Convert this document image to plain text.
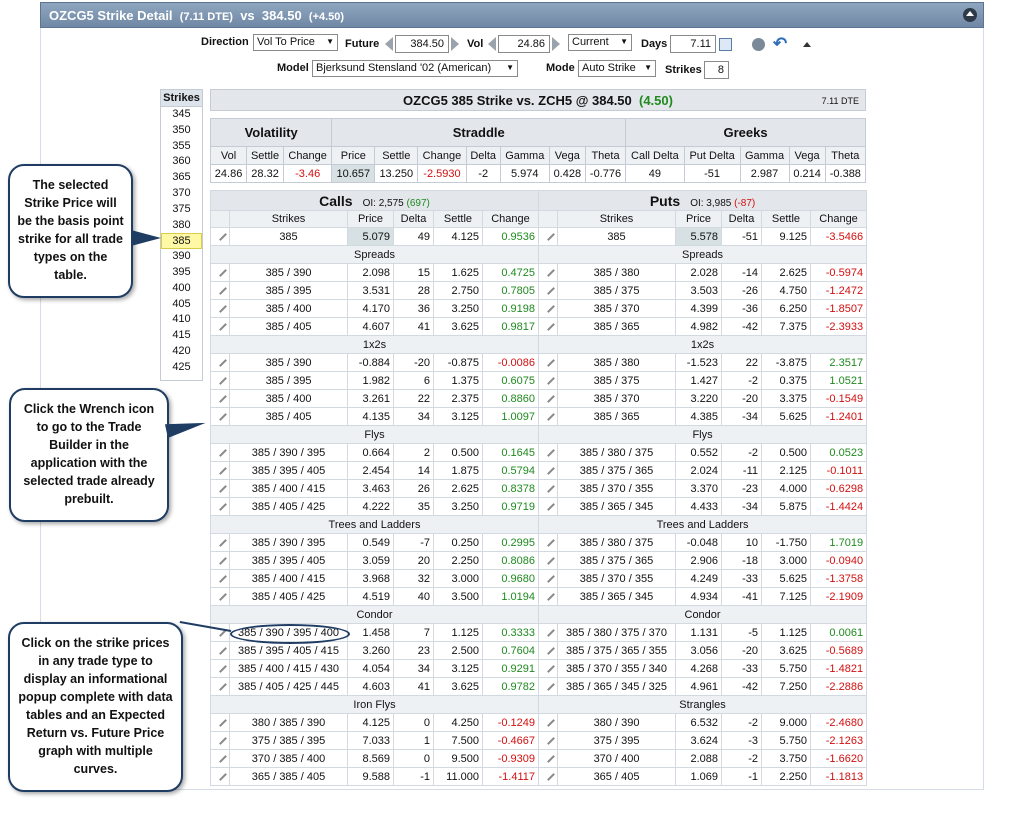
OZCG5 Strike Detail (7.11 DTE) vs 384.50 (+4.50)
Direction Vol To Price ▼	Future	384.50	Vol	24.86	Current ▼	Days	7.11	↶
Model Bjerksund Stensland '02 (American) ▼	Mode Auto Strike ▼	Strikes	8
Strikes
345
350
355
360
365
370
375
380
385
390
395
400
405
410
415
420
425
OZCG5 385 Strike vs. ZCH5 @ 384.50 (4.50)	7.11 DTE
Volatility			Straddle							Greeks				
Vol	Settle	Change	Price	Settle	Change	Delta	Gamma	Vega	Theta	Call Delta	Put Delta	Gamma	Vega	Theta
24.86	28.32	-3.46	10.657	13.250	-2.5930	-2	5.974	0.428	-0.776	49	-51	2.987	0.214	-0.388
Calls OI: 2,575 (697)					
	Strikes	Price	Delta	Settle	Change
	385	5.079	49	4.125	0.9536
Spreads					
	385 / 390	2.098	15	1.625	0.4725
	385 / 395	3.531	28	2.750	0.7805
	385 / 400	4.170	36	3.250	0.9198
	385 / 405	4.607	41	3.625	0.9817
1x2s					
	385 / 390	-0.884	-20	-0.875	-0.0086
	385 / 395	1.982	6	1.375	0.6075
	385 / 400	3.261	22	2.375	0.8860
	385 / 405	4.135	34	3.125	1.0097
Flys					
	385 / 390 / 395	0.664	2	0.500	0.1645
	385 / 395 / 405	2.454	14	1.875	0.5794
	385 / 400 / 415	3.463	26	2.625	0.8378
	385 / 405 / 425	4.222	35	3.250	0.9719
Trees and Ladders					
	385 / 390 / 395	0.549	-7	0.250	0.2995
	385 / 395 / 405	3.059	20	2.250	0.8086
	385 / 400 / 415	3.968	32	3.000	0.9680
	385 / 405 / 425	4.519	40	3.500	1.0194
Condor					
	385 / 390 / 395 / 400	1.458	7	1.125	0.3333
	385 / 395 / 405 / 415	3.260	23	2.500	0.7604
	385 / 400 / 415 / 430	4.054	34	3.125	0.9291
	385 / 405 / 425 / 445	4.603	41	3.625	0.9782
Iron Flys					
	380 / 385 / 390	4.125	0	4.250	-0.1249
	375 / 385 / 395	7.033	1	7.500	-0.4667
	370 / 385 / 400	8.569	0	9.500	-0.9309
	365 / 385 / 405	9.588	-1	11.000	-1.4117
Puts OI: 3,985 (-87)					
	Strikes	Price	Delta	Settle	Change
	385	5.578	-51	9.125	-3.5466
Spreads					
	385 / 380	2.028	-14	2.625	-0.5974
	385 / 375	3.503	-26	4.750	-1.2472
	385 / 370	4.399	-36	6.250	-1.8507
	385 / 365	4.982	-42	7.375	-2.3933
1x2s					
	385 / 380	-1.523	22	-3.875	2.3517
	385 / 375	1.427	-2	0.375	1.0521
	385 / 370	3.220	-20	3.375	-0.1549
	385 / 365	4.385	-34	5.625	-1.2401
Flys					
	385 / 380 / 375	0.552	-2	0.500	0.0523
	385 / 375 / 365	2.024	-11	2.125	-0.1011
	385 / 370 / 355	3.370	-23	4.000	-0.6298
	385 / 365 / 345	4.433	-34	5.875	-1.4424
Trees and Ladders					
	385 / 380 / 375	-0.048	10	-1.750	1.7019
	385 / 375 / 365	2.906	-18	3.000	-0.0940
	385 / 370 / 355	4.249	-33	5.625	-1.3758
	385 / 365 / 345	4.934	-41	7.125	-2.1909
Condor					
	385 / 380 / 375 / 370	1.131	-5	1.125	0.0061
	385 / 375 / 365 / 355	3.056	-20	3.625	-0.5689
	385 / 370 / 355 / 340	4.268	-33	5.750	-1.4821
	385 / 365 / 345 / 325	4.961	-42	7.250	-2.2886
Strangles					
	380 / 390	6.532	-2	9.000	-2.4680
	375 / 395	3.624	-3	5.750	-2.1263
	370 / 400	2.088	-2	3.750	-1.6620
	365 / 405	1.069	-1	2.250	-1.1813
The selected Strike Price will be the basis point strike for all trade types on the table.
Click the Wrench icon to go to the Trade Builder in the application with the selected trade already prebuilt.
Click on the strike prices in any trade type to display an informational popup complete with data tables and an Expected Return vs. Future Price graph with multiple curves.
